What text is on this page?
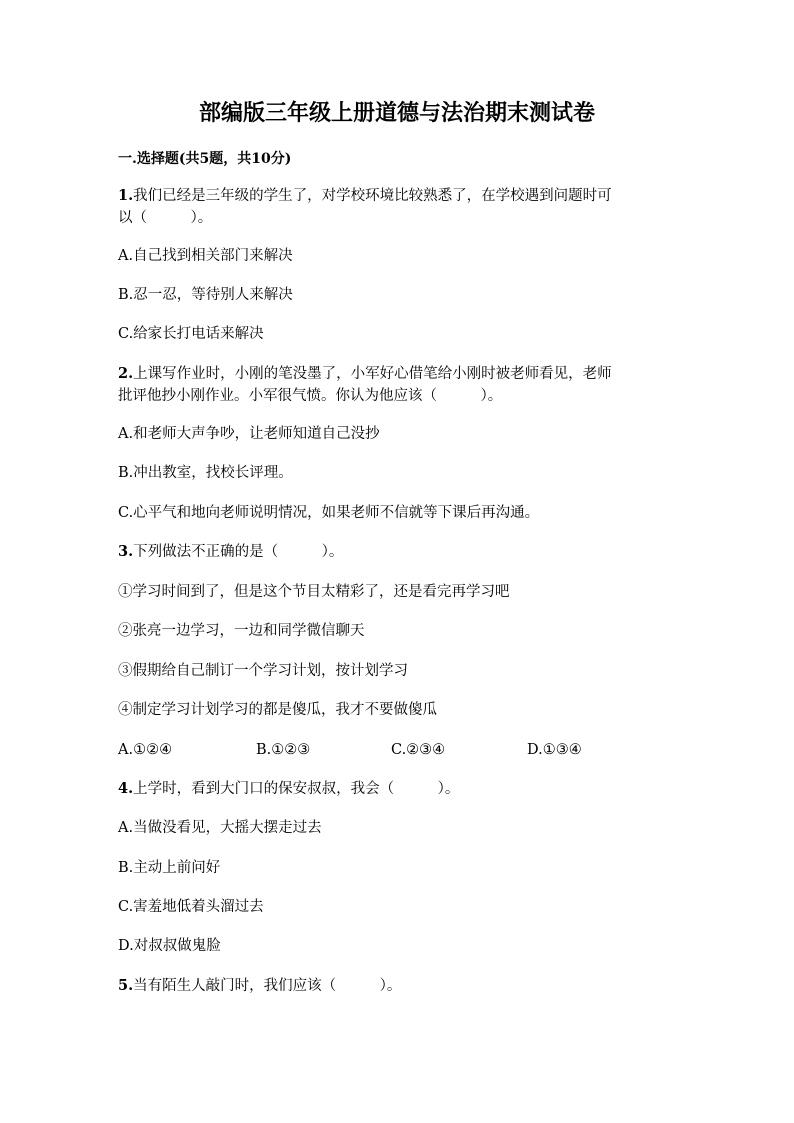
部编版三年级上册道德与法治期末测试卷
一.选择题(共5题，共10分)
1.我们已经是三年级的学生了，对学校环境比较熟悉了，在学校遇到问题时可
以（　　　）。
A.自己找到相关部门来解决
B.忍一忍，等待别人来解决
C.给家长打电话来解决
2.上课写作业时，小刚的笔没墨了，小军好心借笔给小刚时被老师看见，老师
批评他抄小刚作业。小军很气愤。你认为他应该（　　　）。
A.和老师大声争吵，让老师知道自己没抄
B.冲出教室，找校长评理。
C.心平气和地向老师说明情况，如果老师不信就等下课后再沟通。
3.下列做法不正确的是（　　　）。
①学习时间到了，但是这个节目太精彩了，还是看完再学习吧
②张亮一边学习，一边和同学微信聊天
③假期给自己制订一个学习计划，按计划学习
④制定学习计划学习的都是傻瓜，我才不要做傻瓜
A.①②④	B.①②③	C.②③④	D.①③④
4.上学时，看到大门口的保安叔叔，我会（　　　）。
A.当做没看见，大摇大摆走过去
B.主动上前问好
C.害羞地低着头溜过去
D.对叔叔做鬼脸
5.当有陌生人敲门时，我们应该（　　　）。
